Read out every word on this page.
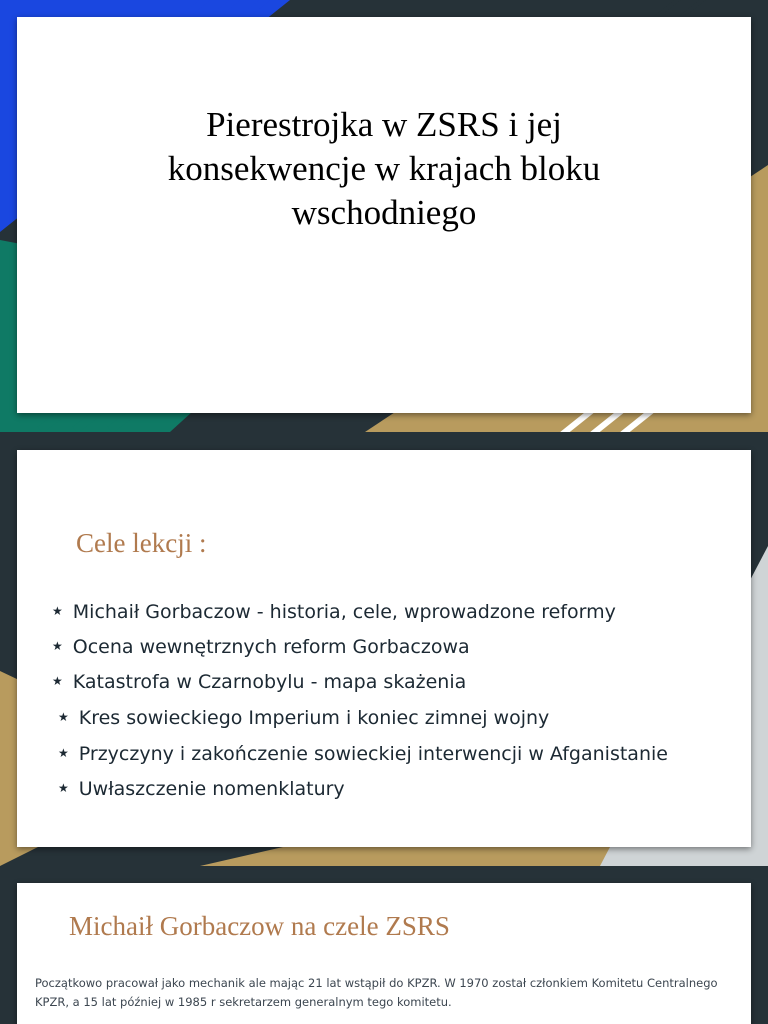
Pierestrojka w ZSRS i jej konsekwencje w krajach bloku wschodniego
Cele lekcji :
★ Michaił Gorbaczow - historia, cele, wprowadzone reformy
★ Ocena wewnętrznych reform Gorbaczowa
★ Katastrofa w Czarnobylu - mapa skażenia
★ Kres sowieckiego Imperium i koniec zimnej wojny
★ Przyczyny i zakończenie sowieckiej interwencji w Afganistanie
★ Uwłaszczenie nomenklatury
Michaił Gorbaczow na czele ZSRS

Początkowo pracował jako mechanik ale mając 21 lat wstąpił do KPZR. W 1970 został członkiem Komitetu Centralnego KPZR, a 15 lat później w 1985 r sekretarzem generalnym tego komitetu.
